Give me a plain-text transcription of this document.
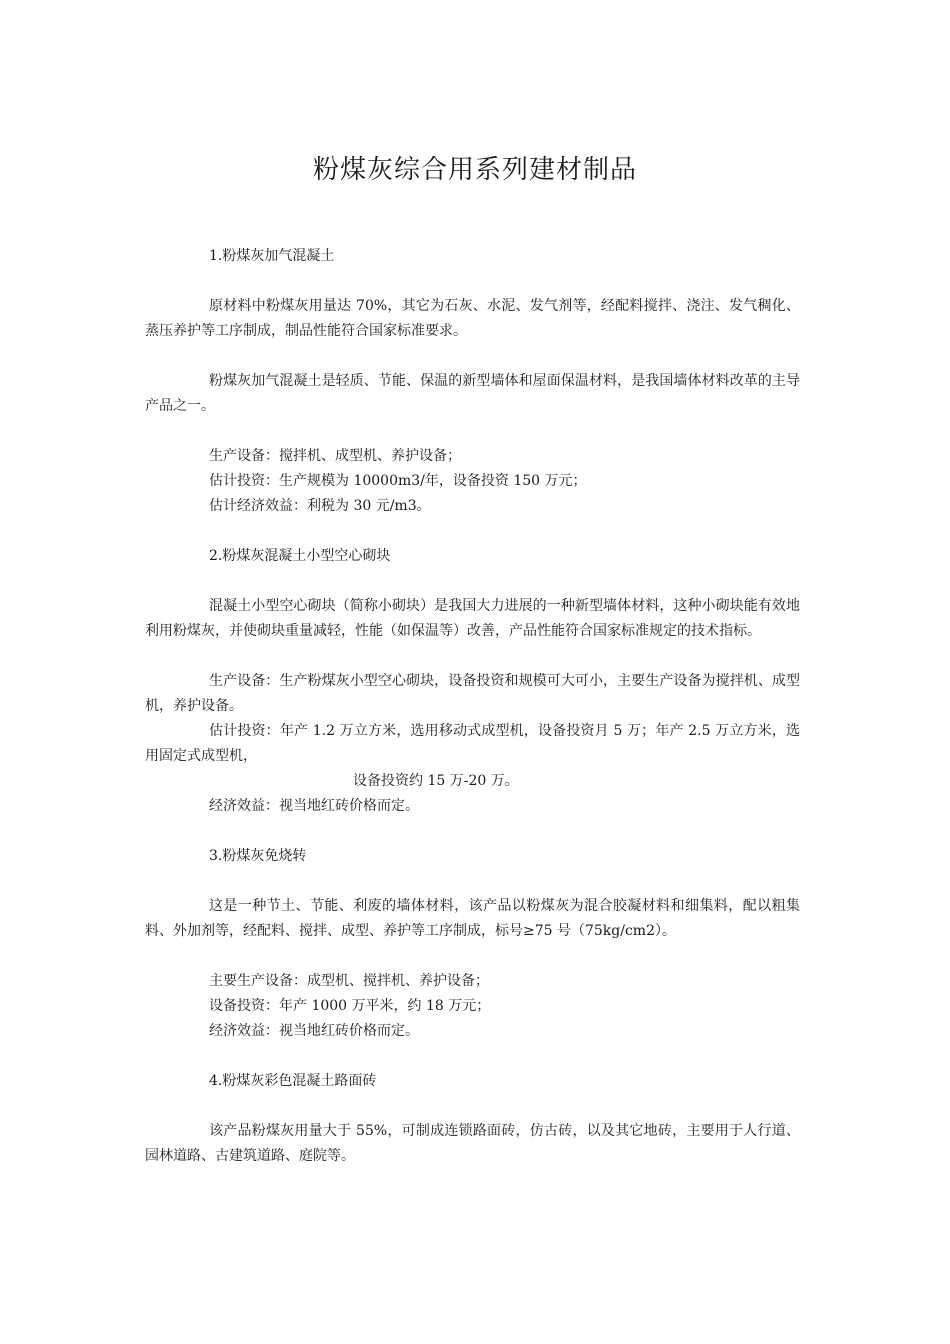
粉煤灰综合用系列建材制品

1.粉煤灰加气混凝土

原材料中粉煤灰用量达 70%，其它为石灰、水泥、发气剂等，经配料搅拌、浇注、发气稠化、蒸压养护等工序制成，制品性能符合国家标准要求。

粉煤灰加气混凝土是轻质、节能、保温的新型墙体和屋面保温材料，是我国墙体材料改革的主导产品之一。

生产设备：搅拌机、成型机、养护设备；

估计投资：生产规模为 10000m3/年，设备投资 150 万元；

估计经济效益：利税为 30 元/m3。

2.粉煤灰混凝土小型空心砌块

混凝土小型空心砌块（简称小砌块）是我国大力进展的一种新型墙体材料，这种小砌块能有效地利用粉煤灰，并使砌块重量减轻，性能（如保温等）改善，产品性能符合国家标准规定的技术指标。

生产设备：生产粉煤灰小型空心砌块，设备投资和规模可大可小，主要生产设备为搅拌机、成型机，养护设备。

估计投资：年产 1.2 万立方米，选用移动式成型机，设备投资月 5 万；年产 2.5 万立方米，选用固定式成型机，

设备投资约 15 万-20 万。

经济效益：视当地红砖价格而定。

3.粉煤灰免烧转

这是一种节土、节能、利废的墙体材料，该产品以粉煤灰为混合胶凝材料和细集料，配以粗集料、外加剂等，经配料、搅拌、成型、养护等工序制成，标号≥75 号（75kg/cm2）。

主要生产设备：成型机、搅拌机、养护设备；

设备投资：年产 1000 万平米，约 18 万元；

经济效益：视当地红砖价格而定。

4.粉煤灰彩色混凝土路面砖

该产品粉煤灰用量大于 55%，可制成连锁路面砖，仿古砖，以及其它地砖，主要用于人行道、园林道路、古建筑道路、庭院等。
